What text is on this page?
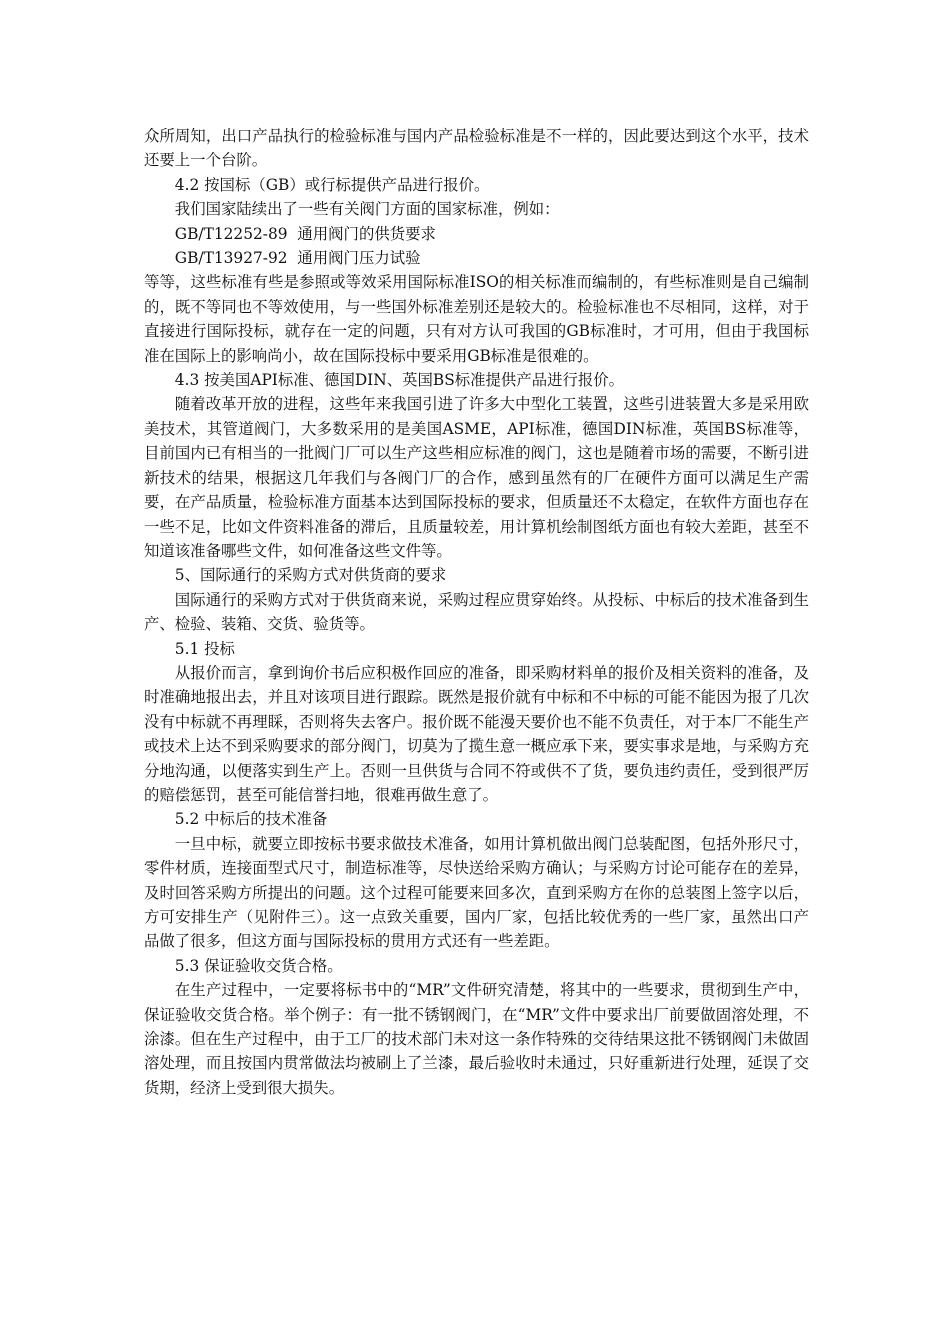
众所周知，出口产品执行的检验标准与国内产品检验标准是不一样的，因此要达到这个水平，技术还要上一个台阶。

4.2 按国标（GB）或行标提供产品进行报价。

我们国家陆续出了一些有关阀门方面的国家标准，例如：

GB/T12252-89  通用阀门的供货要求

GB/T13927-92  通用阀门压力试验

等等，这些标准有些是参照或等效采用国际标准ISO的相关标准而编制的，有些标准则是自己编制的，既不等同也不等效使用，与一些国外标准差别还是较大的。检验标准也不尽相同，这样，对于直接进行国际投标，就存在一定的问题，只有对方认可我国的GB标准时，才可用，但由于我国标准在国际上的影响尚小，故在国际投标中要采用GB标准是很难的。

4.3 按美国API标准、德国DIN、英国BS标准提供产品进行报价。

随着改革开放的进程，这些年来我国引进了许多大中型化工装置，这些引进装置大多是采用欧美技术，其管道阀门，大多数采用的是美国ASME，API标准，德国DIN标准，英国BS标准等，目前国内已有相当的一批阀门厂可以生产这些相应标准的阀门，这也是随着市场的需要，不断引进新技术的结果，根据这几年我们与各阀门厂的合作，感到虽然有的厂在硬件方面可以满足生产需要，在产品质量，检验标准方面基本达到国际投标的要求，但质量还不太稳定，在软件方面也存在一些不足，比如文件资料准备的滞后，且质量较差，用计算机绘制图纸方面也有较大差距，甚至不知道该准备哪些文件，如何准备这些文件等。

5、国际通行的采购方式对供货商的要求

国际通行的采购方式对于供货商来说，采购过程应贯穿始终。从投标、中标后的技术准备到生产、检验、装箱、交货、验货等。

5.1 投标

从报价而言，拿到询价书后应积极作回应的准备，即采购材料单的报价及相关资料的准备，及时准确地报出去，并且对该项目进行跟踪。既然是报价就有中标和不中标的可能不能因为报了几次没有中标就不再理睬，否则将失去客户。报价既不能漫天要价也不能不负责任，对于本厂不能生产或技术上达不到采购要求的部分阀门，切莫为了揽生意一概应承下来，要实事求是地，与采购方充分地沟通，以便落实到生产上。否则一旦供货与合同不符或供不了货，要负违约责任，受到很严厉的赔偿惩罚，甚至可能信誉扫地，很难再做生意了。

5.2 中标后的技术准备

一旦中标，就要立即按标书要求做技术准备，如用计算机做出阀门总装配图，包括外形尺寸，零件材质，连接面型式尺寸，制造标准等，尽快送给采购方确认；与采购方讨论可能存在的差异，及时回答采购方所提出的问题。这个过程可能要来回多次，直到采购方在你的总装图上签字以后，方可安排生产（见附件三）。这一点致关重要，国内厂家，包括比较优秀的一些厂家，虽然出口产品做了很多，但这方面与国际投标的贯用方式还有一些差距。

5.3 保证验收交货合格。

在生产过程中，一定要将标书中的“MR”文件研究清楚，将其中的一些要求，贯彻到生产中，保证验收交货合格。举个例子：有一批不锈钢阀门，在“MR”文件中要求出厂前要做固溶处理，不涂漆。但在生产过程中，由于工厂的技术部门未对这一条作特殊的交待结果这批不锈钢阀门未做固溶处理，而且按国内贯常做法均被刷上了兰漆，最后验收时未通过，只好重新进行处理，延误了交货期，经济上受到很大损失。
